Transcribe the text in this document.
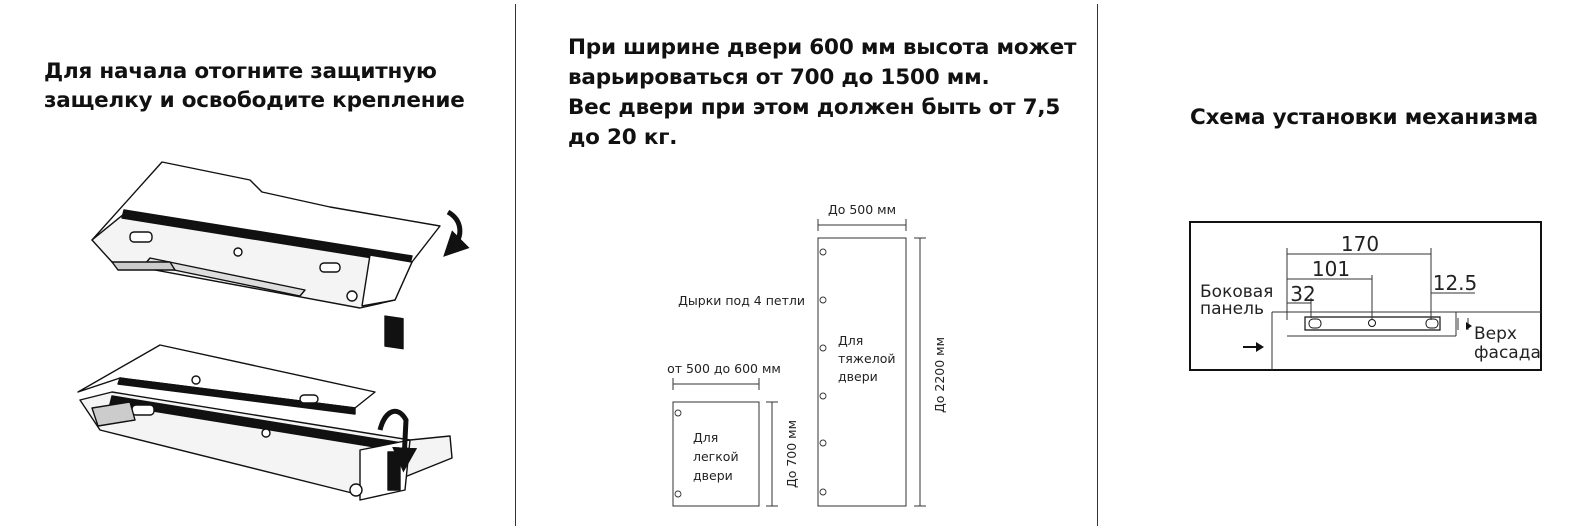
Для начала отогните защитную
защелку и освободите крепление
При ширине двери 600 мм высота может
варьироваться от 700 до 1500 мм.
Вес двери при этом должен быть от 7,5
до 20 кг.
Схема установки механизма
от 500 до 600 мм
До 700 мм
Для легкой двери
До 500 мм
До 2200 мм
Для тяжелой двери
Дырки под 4 петли
170
101
32	12.5
Боковая панель
Верх фасада
